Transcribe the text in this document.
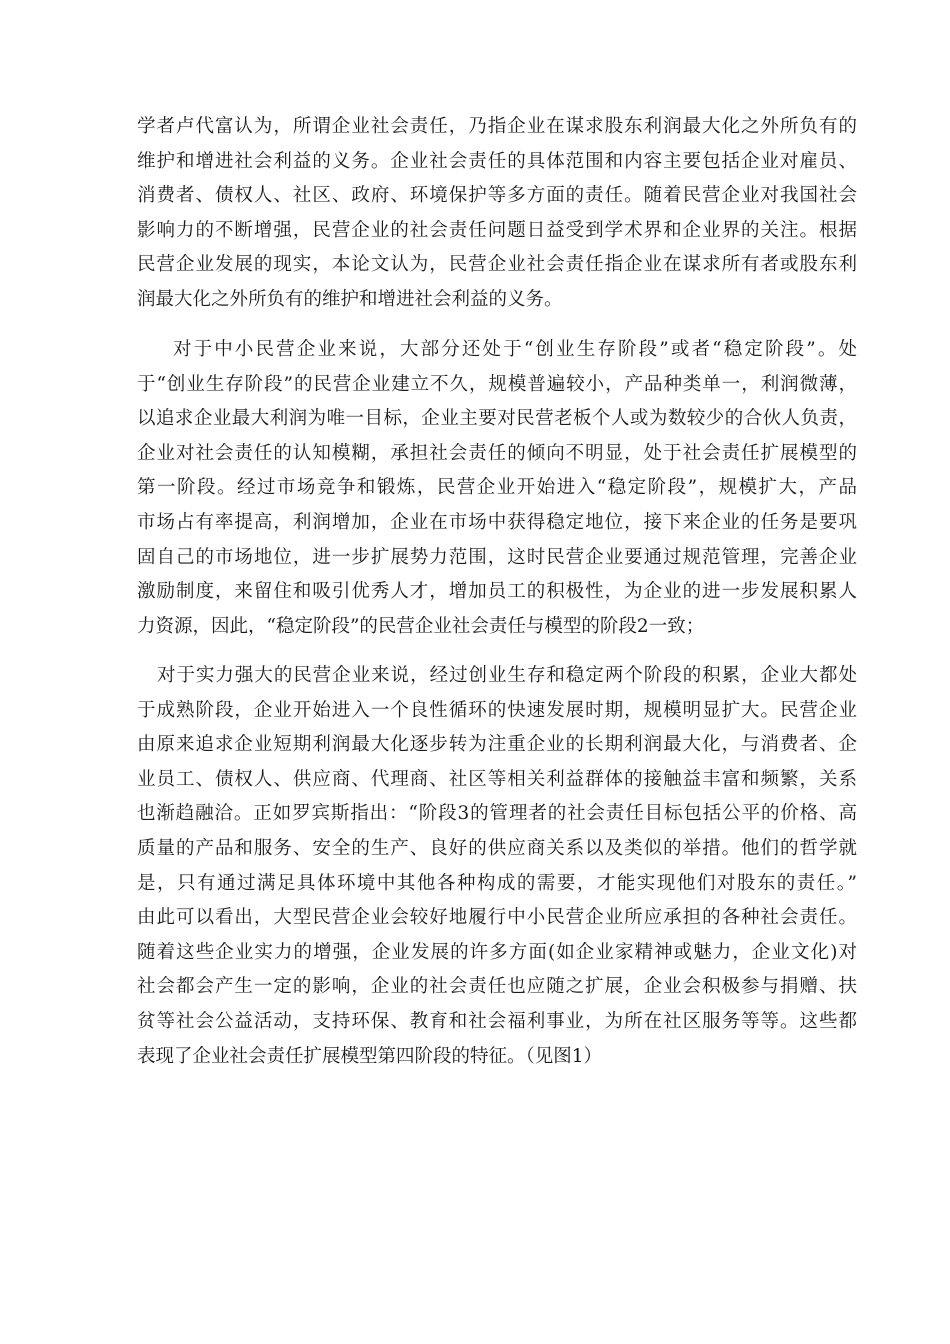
学者卢代富认为，所谓企业社会责任，乃指企业在谋求股东利润最大化之外所负有的
维护和增进社会利益的义务。企业社会责任的具体范围和内容主要包括企业对雇员、
消费者、债权人、社区、政府、环境保护等多方面的责任。随着民营企业对我国社会
影响力的不断增强，民营企业的社会责任问题日益受到学术界和企业界的关注。根据
民营企业发展的现实，本论文认为，民营企业社会责任指企业在谋求所有者或股东利
润最大化之外所负有的维护和增进社会利益的义务。
对于中小民营企业来说，大部分还处于“创业生存阶段”或者“稳定阶段”。处
于“创业生存阶段”的民营企业建立不久，规模普遍较小，产品种类单一，利润微薄，
以追求企业最大利润为唯一目标，企业主要对民营老板个人或为数较少的合伙人负责，
企业对社会责任的认知模糊，承担社会责任的倾向不明显，处于社会责任扩展模型的
第一阶段。经过市场竞争和锻炼，民营企业开始进入“稳定阶段”，规模扩大，产品
市场占有率提高，利润增加，企业在市场中获得稳定地位，接下来企业的任务是要巩
固自己的市场地位，进一步扩展势力范围，这时民营企业要通过规范管理，完善企业
激励制度，来留住和吸引优秀人才，增加员工的积极性，为企业的进一步发展积累人
力资源，因此，“稳定阶段”的民营企业社会责任与模型的阶段2一致；
对于实力强大的民营企业来说，经过创业生存和稳定两个阶段的积累，企业大都处
于成熟阶段，企业开始进入一个良性循环的快速发展时期，规模明显扩大。民营企业
由原来追求企业短期利润最大化逐步转为注重企业的长期利润最大化，与消费者、企
业员工、债权人、供应商、代理商、社区等相关利益群体的接触益丰富和频繁，关系
也渐趋融洽。正如罗宾斯指出：“阶段3的管理者的社会责任目标包括公平的价格、高
质量的产品和服务、安全的生产、良好的供应商关系以及类似的举措。他们的哲学就
是，只有通过满足具体环境中其他各种构成的需要，才能实现他们对股东的责任。”
由此可以看出，大型民营企业会较好地履行中小民营企业所应承担的各种社会责任。
随着这些企业实力的增强，企业发展的许多方面(如企业家精神或魅力，企业文化)对
社会都会产生一定的影响，企业的社会责任也应随之扩展，企业会积极参与捐赠、扶
贫等社会公益活动，支持环保、教育和社会福利事业，为所在社区服务等等。这些都
表现了企业社会责任扩展模型第四阶段的特征。（见图1）
